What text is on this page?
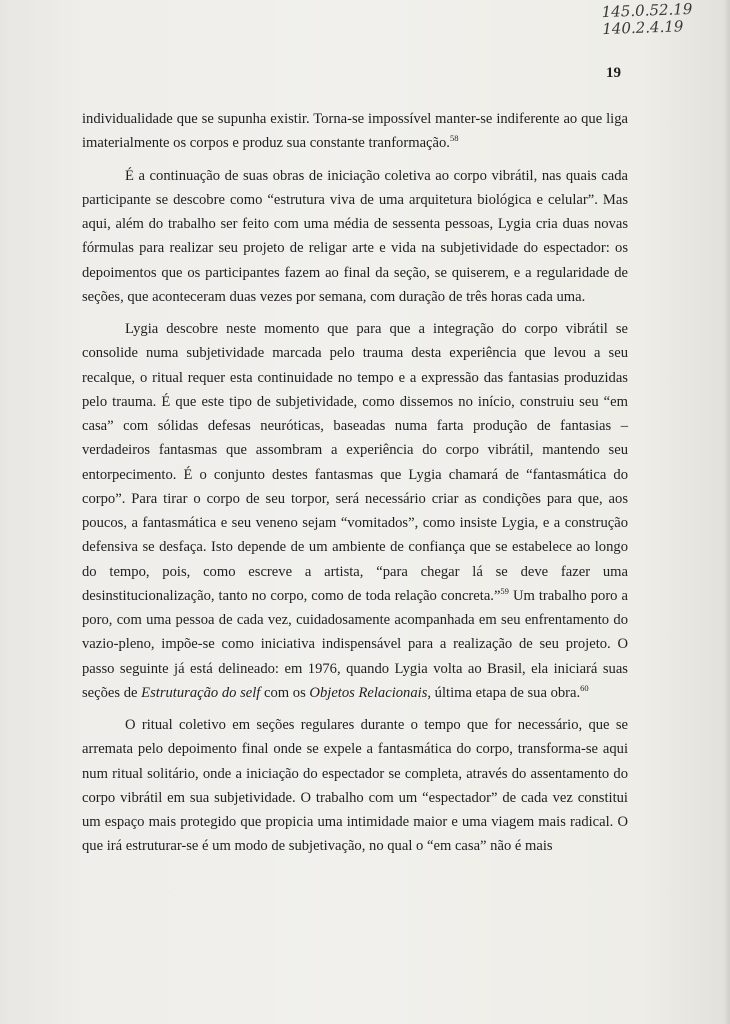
145.0.52.19
140.2.4.19
19

individualidade que se supunha existir. Torna-se impossível manter-se indiferente ao que liga imaterialmente os corpos e produz sua constante tranformação.$^{58}$

É a continuação de suas obras de iniciação coletiva ao corpo vibrátil, nas quais cada participante se descobre como “estrutura viva de uma arquitetura biológica e celular”. Mas aqui, além do trabalho ser feito com uma média de sessenta pessoas, Lygia cria duas novas fórmulas para realizar seu projeto de religar arte e vida na subjetividade do espectador: os depoimentos que os participantes fazem ao final da seção, se quiserem, e a regularidade de seções, que aconteceram duas vezes por semana, com duração de três horas cada uma.

Lygia descobre neste momento que para que a integração do corpo vibrátil se consolide numa subjetividade marcada pelo trauma desta experiência que levou a seu recalque, o ritual requer esta continuidade no tempo e a expressão das fantasias produzidas pelo trauma. É que este tipo de subjetividade, como dissemos no início, construiu seu “em casa” com sólidas defesas neuróticas, baseadas numa farta produção de fantasias – verdadeiros fantasmas que assombram a experiência do corpo vibrátil, mantendo seu entorpecimento. É o conjunto destes fantasmas que Lygia chamará de “fantasmática do corpo”. Para tirar o corpo de seu torpor, será necessário criar as condições para que, aos poucos, a fantasmática e seu veneno sejam “vomitados”, como insiste Lygia, e a construção defensiva se desfaça. Isto depende de um ambiente de confiança que se estabelece ao longo do tempo, pois, como escreve a artista, “para chegar lá se deve fazer uma desinstitucionalização, tanto no corpo, como de toda relação concreta.”$^{59}$ Um trabalho poro a poro, com uma pessoa de cada vez, cuidadosamente acompanhada em seu enfrentamento do vazio-pleno, impõe-se como iniciativa indispensável para a realização de seu projeto. O passo seguinte já está delineado: em 1976, quando Lygia volta ao Brasil, ela iniciará suas seções de Estruturação do self com os Objetos Relacionais, última etapa de sua obra.$^{60}$

O ritual coletivo em seções regulares durante o tempo que for necessário, que se arremata pelo depoimento final onde se expele a fantasmática do corpo, transforma-se aqui num ritual solitário, onde a iniciação do espectador se completa, através do assentamento do corpo vibrátil em sua subjetividade. O trabalho com um “espectador” de cada vez constitui um espaço mais protegido que propicia uma intimidade maior e uma viagem mais radical. O que irá estruturar-se é um modo de subjetivação, no qual o “em casa” não é mais
